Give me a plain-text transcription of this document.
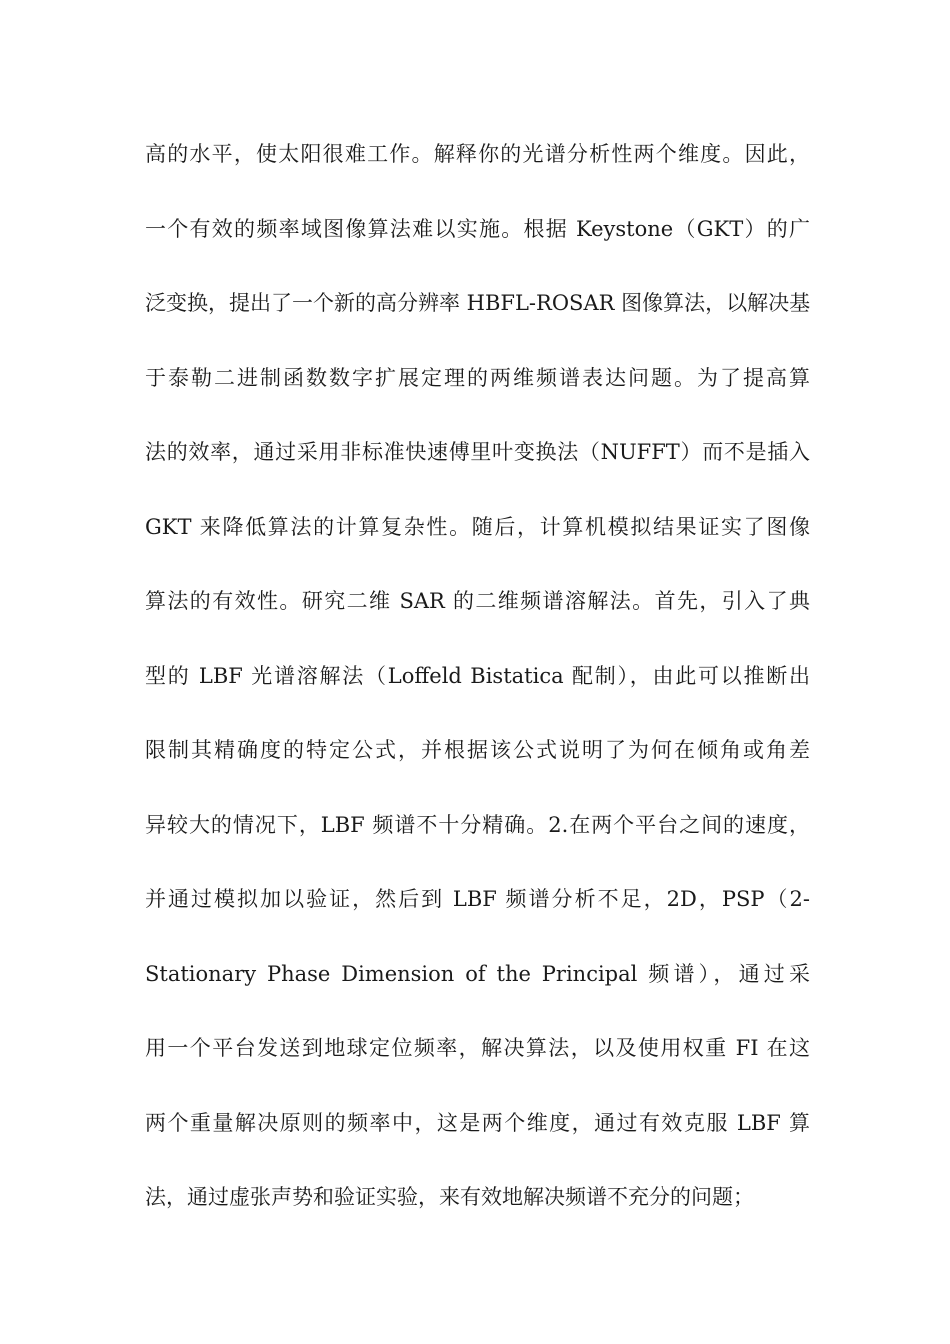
高的水平，使太阳很难工作。解释你的光谱分析性两个维度。因此，
一个有效的频率域图像算法难以实施。根据 Keystone（GKT）的广
泛变换，提出了一个新的高分辨率 HBFL-ROSAR 图像算法，以解决基
于泰勒二进制函数数字扩展定理的两维频谱表达问题。为了提高算
法的效率，通过采用非标准快速傅里叶变换法（NUFFT）而不是插入
GKT 来降低算法的计算复杂性。随后，计算机模拟结果证实了图像
算法的有效性。研究二维 SAR 的二维频谱溶解法。首先，引入了典
型的 LBF 光谱溶解法（Loffeld Bistatica 配制），由此可以推断出
限制其精确度的特定公式，并根据该公式说明了为何在倾角或角差
异较大的情况下，LBF 频谱不十分精确。2.在两个平台之间的速度，
并通过模拟加以验证，然后到 LBF 频谱分析不足，2D，PSP（2-
Stationary Phase Dimension of the Principal 频谱），通过采
用一个平台发送到地球定位频率，解决算法，以及使用权重 FI 在这
两个重量解决原则的频率中，这是两个维度，通过有效克服 LBF 算
法，通过虚张声势和验证实验，来有效地解决频谱不充分的问题；
